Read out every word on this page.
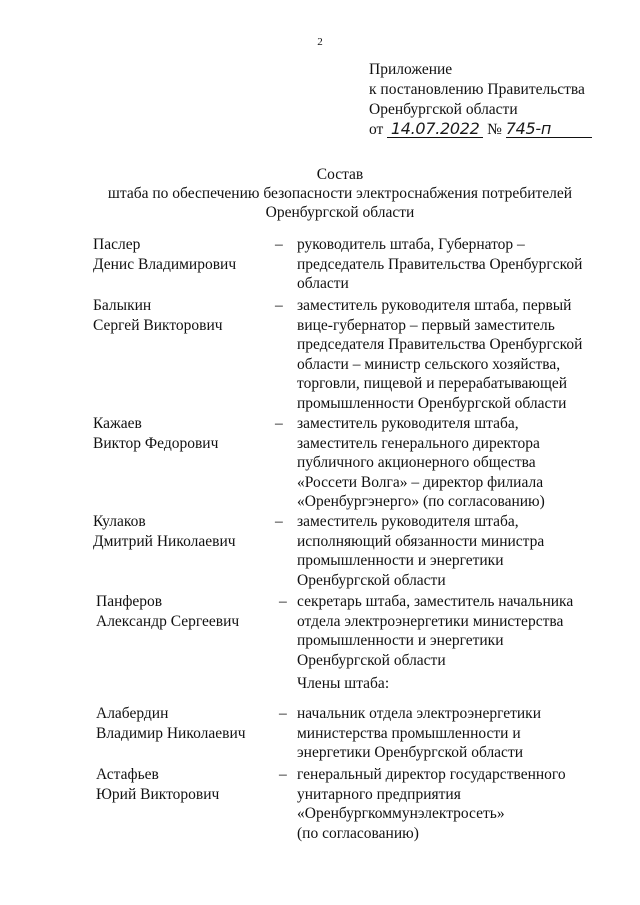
2
Приложение
к постановлению Правительства
Оренбургской области
от 14.07.2022 № 745-п
Состав
штаба по обеспечению безопасности электроснабжения потребителей
Оренбургской области
Паслер
Денис Владимирович
– руководитель штаба, Губернатор –
председатель Правительства Оренбургской
области
Балыкин
Сергей Викторович
– заместитель руководителя штаба, первый
вице-губернатор – первый заместитель
председателя Правительства Оренбургской
области – министр сельского хозяйства,
торговли, пищевой и перерабатывающей
промышленности Оренбургской области
Кажаев
Виктор Федорович
– заместитель руководителя штаба,
заместитель генерального директора
публичного акционерного общества
«Россети Волга» – директор филиала
«Оренбургэнерго» (по согласованию)
Кулаков
Дмитрий Николаевич
– заместитель руководителя штаба,
исполняющий обязанности министра
промышленности и энергетики
Оренбургской области
Панферов
Александр Сергеевич
– секретарь штаба, заместитель начальника
отдела электроэнергетики министерства
промышленности и энергетики
Оренбургской области
Члены штаба:
Алабердин
Владимир Николаевич
– начальник отдела электроэнергетики
министерства промышленности и
энергетики Оренбургской области
Астафьев
Юрий Викторович
– генеральный директор государственного
унитарного предприятия
«Оренбургкоммунэлектросеть»
(по согласованию)
